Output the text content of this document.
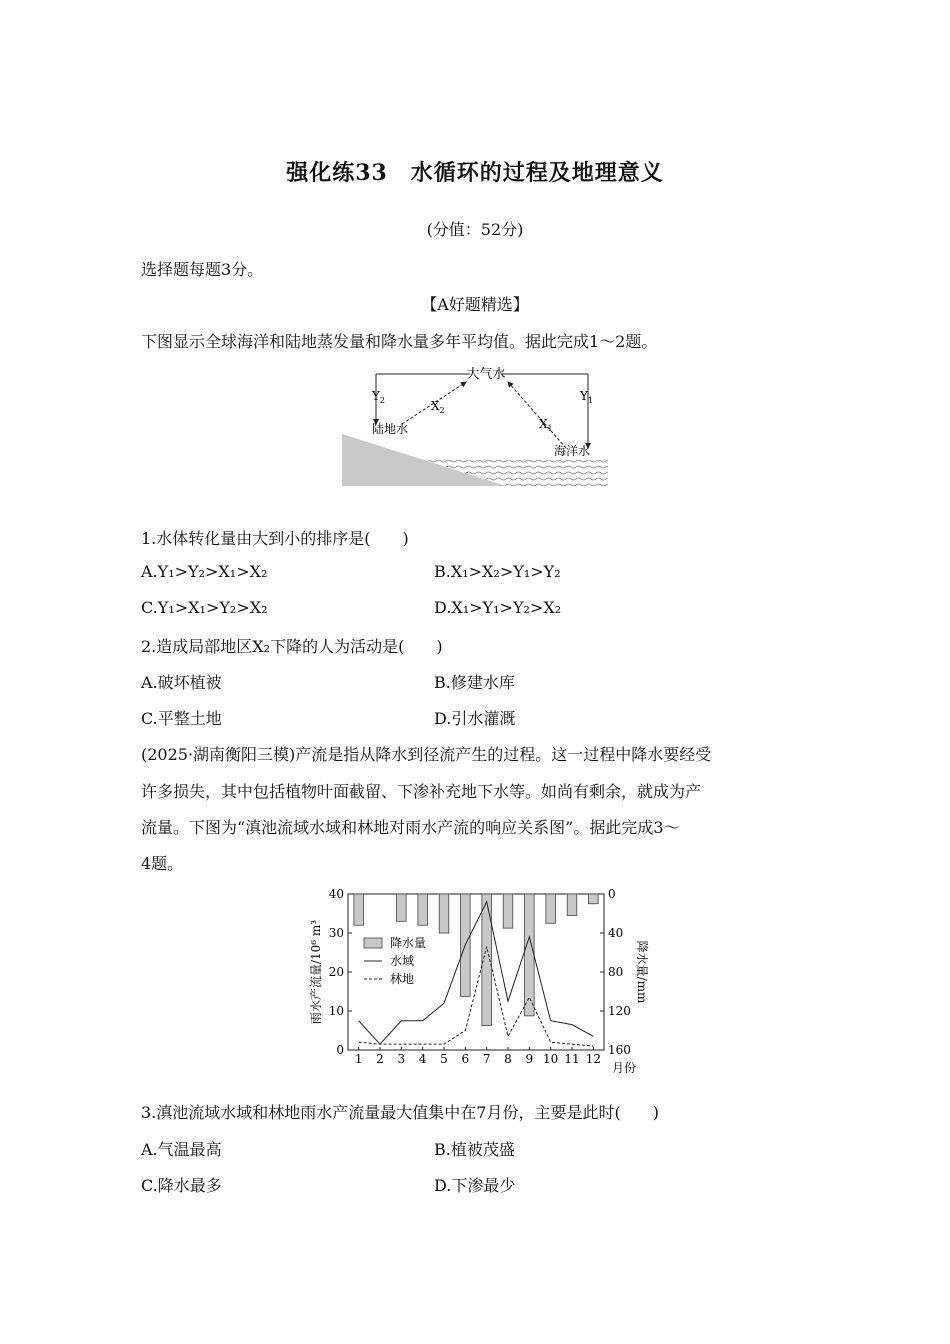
强化练33　水循环的过程及地理意义
(分值：52分)
选择题每题3分。
【A好题精选】
下图显示全球海洋和陆地蒸发量和降水量多年平均值。据此完成1～2题。
大气水
陆地水
海洋水
$Y_2$	$X_2$
$X_1$
$Y_1$
1.水体转化量由大到小的排序是(　　)
A.Y₁>Y₂>X₁>X₂	B.X₁>X₂>Y₁>Y₂
C.Y₁>X₁>Y₂>X₂	D.X₁>Y₁>Y₂>X₂
2.造成局部地区X₂下降的人为活动是(　　)
A.破坏植被	B.修建水库
C.平整土地	D.引水灌溉
(2025·湖南衡阳三模)产流是指从降水到径流产生的过程。这一过程中降水要经受
许多损失，其中包括植物叶面截留、下渗补充地下水等。如尚有剩余，就成为产
流量。下图为“滇池流域水域和林地对雨水产流的响应关系图”。据此完成3～
4题。
0
10
20
30
40	0
40
80
120
160
1 2 3 4 5 6 7 8 9 10 11 12
月份
雨水产流量/10⁶ m³	降水量/mm
降水量
水域
林地
3.滇池流域水域和林地雨水产流量最大值集中在7月份，主要是此时(　　)
A.气温最高	B.植被茂盛
C.降水最多	D.下渗最少
